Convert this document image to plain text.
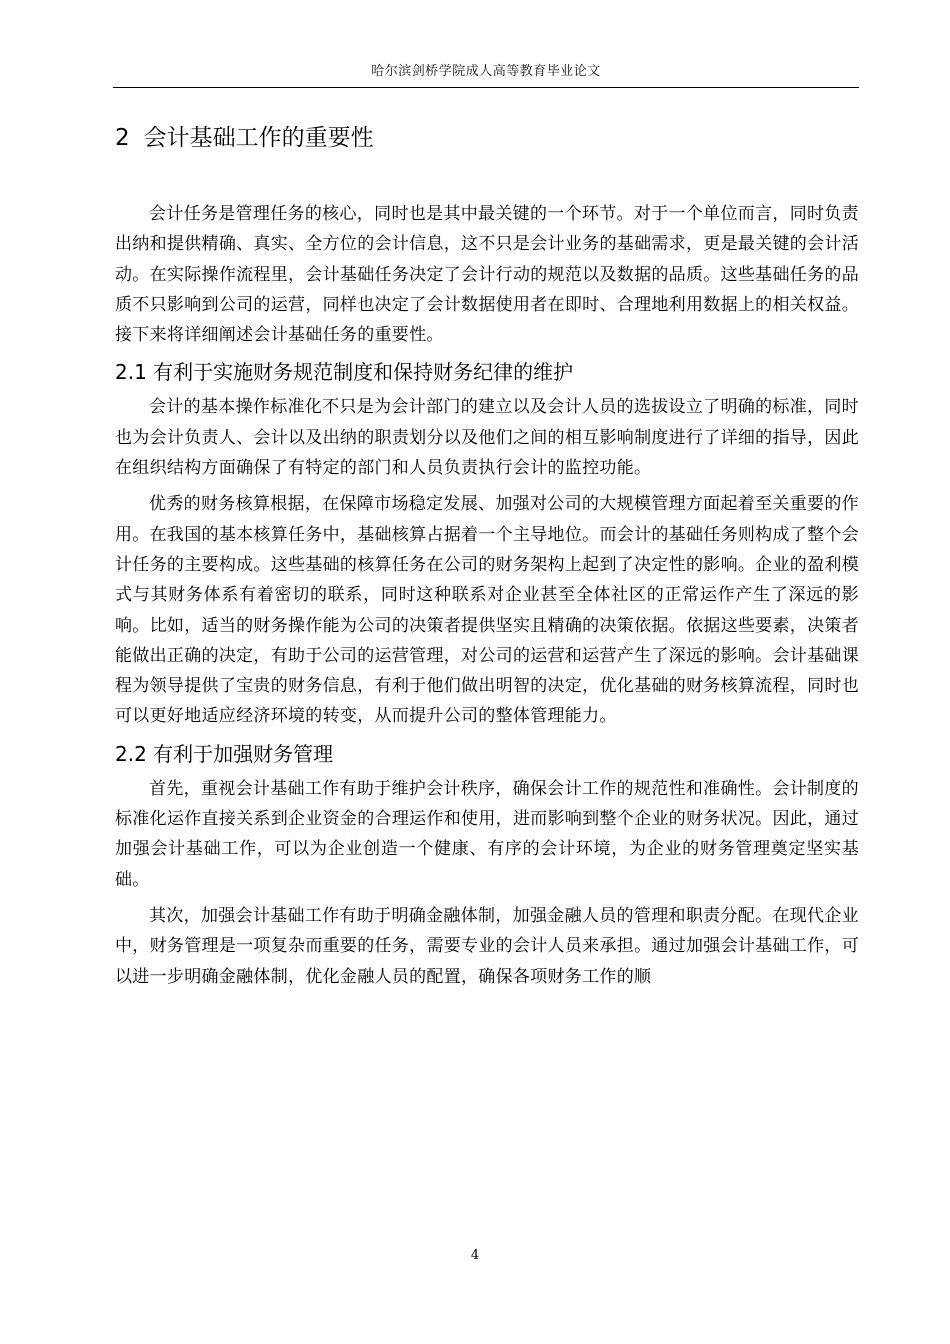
哈尔滨剑桥学院成人高等教育毕业论文
2 会计基础工作的重要性

会计任务是管理任务的核心，同时也是其中最关键的一个环节。对于一个单位而言，同时负责出纳和提供精确、真实、全方位的会计信息，这不只是会计业务的基础需求，更是最关键的会计活动。在实际操作流程里，会计基础任务决定了会计行动的规范以及数据的品质。这些基础任务的品质不只影响到公司的运营，同样也决定了会计数据使用者在即时、合理地利用数据上的相关权益。接下来将详细阐述会计基础任务的重要性。

2.1 有利于实施财务规范制度和保持财务纪律的维护

会计的基本操作标准化不只是为会计部门的建立以及会计人员的选拔设立了明确的标准，同时也为会计负责人、会计以及出纳的职责划分以及他们之间的相互影响制度进行了详细的指导，因此在组织结构方面确保了有特定的部门和人员负责执行会计的监控功能。

优秀的财务核算根据，在保障市场稳定发展、加强对公司的大规模管理方面起着至关重要的作用。在我国的基本核算任务中，基础核算占据着一个主导地位。而会计的基础任务则构成了整个会计任务的主要构成。这些基础的核算任务在公司的财务架构上起到了决定性的影响。企业的盈利模式与其财务体系有着密切的联系，同时这种联系对企业甚至全体社区的正常运作产生了深远的影响。比如，适当的财务操作能为公司的决策者提供坚实且精确的决策依据。依据这些要素，决策者能做出正确的决定，有助于公司的运营管理，对公司的运营和运营产生了深远的影响。会计基础课程为领导提供了宝贵的财务信息，有利于他们做出明智的决定，优化基础的财务核算流程，同时也可以更好地适应经济环境的转变，从而提升公司的整体管理能力。

2.2 有利于加强财务管理

首先，重视会计基础工作有助于维护会计秩序，确保会计工作的规范性和准确性。会计制度的标准化运作直接关系到企业资金的合理运作和使用，进而影响到整个企业的财务状况。因此，通过加强会计基础工作，可以为企业创造一个健康、有序的会计环境，为企业的财务管理奠定坚实基础。

其次，加强会计基础工作有助于明确金融体制，加强金融人员的管理和职责分配。在现代企业中，财务管理是一项复杂而重要的任务，需要专业的会计人员来承担。通过加强会计基础工作，可以进一步明确金融体制，优化金融人员的配置，确保各项财务工作的顺

4
